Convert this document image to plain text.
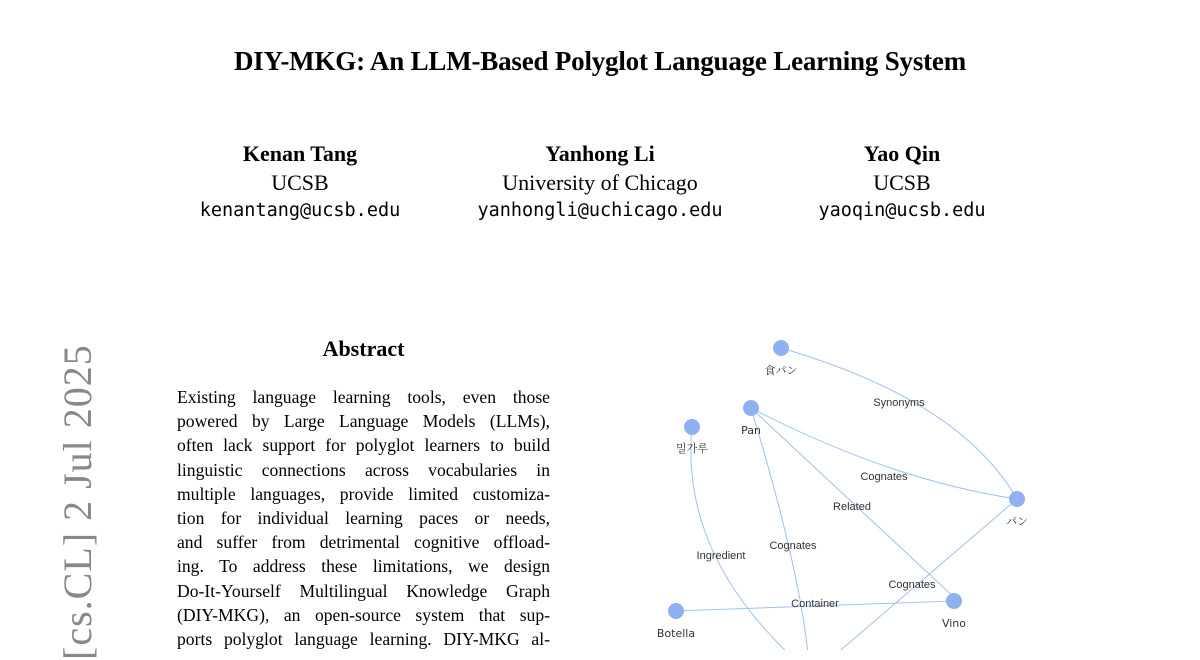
DIY-MKG: An LLM-Based Polyglot Language Learning System
Kenan Tang
UCSB
kenantang@ucsb.edu
Yanhong Li
University of Chicago
yanhongli@uchicago.edu
Yao Qin
UCSB
yaoqin@ucsb.edu
[cs.CL] 2 Jul 2025	Abstract
Existing language learning tools, even those
powered by Large Language Models (LLMs),
often lack support for polyglot learners to build
linguistic connections across vocabularies in
multiple languages, provide limited customiza-
tion for individual learning paces or needs,
and suffer from detrimental cognitive offload-
ing. To address these limitations, we design
Do-It-Yourself Multilingual Knowledge Graph
(DIY-MKG), an open-source system that sup-
ports polyglot language learning. DIY-MKG al-
食パン
Pan
밀가루
パン
Botella
Vino
Synonyms
Cognates
Related
Cognates
Ingredient
Cognates
Container
